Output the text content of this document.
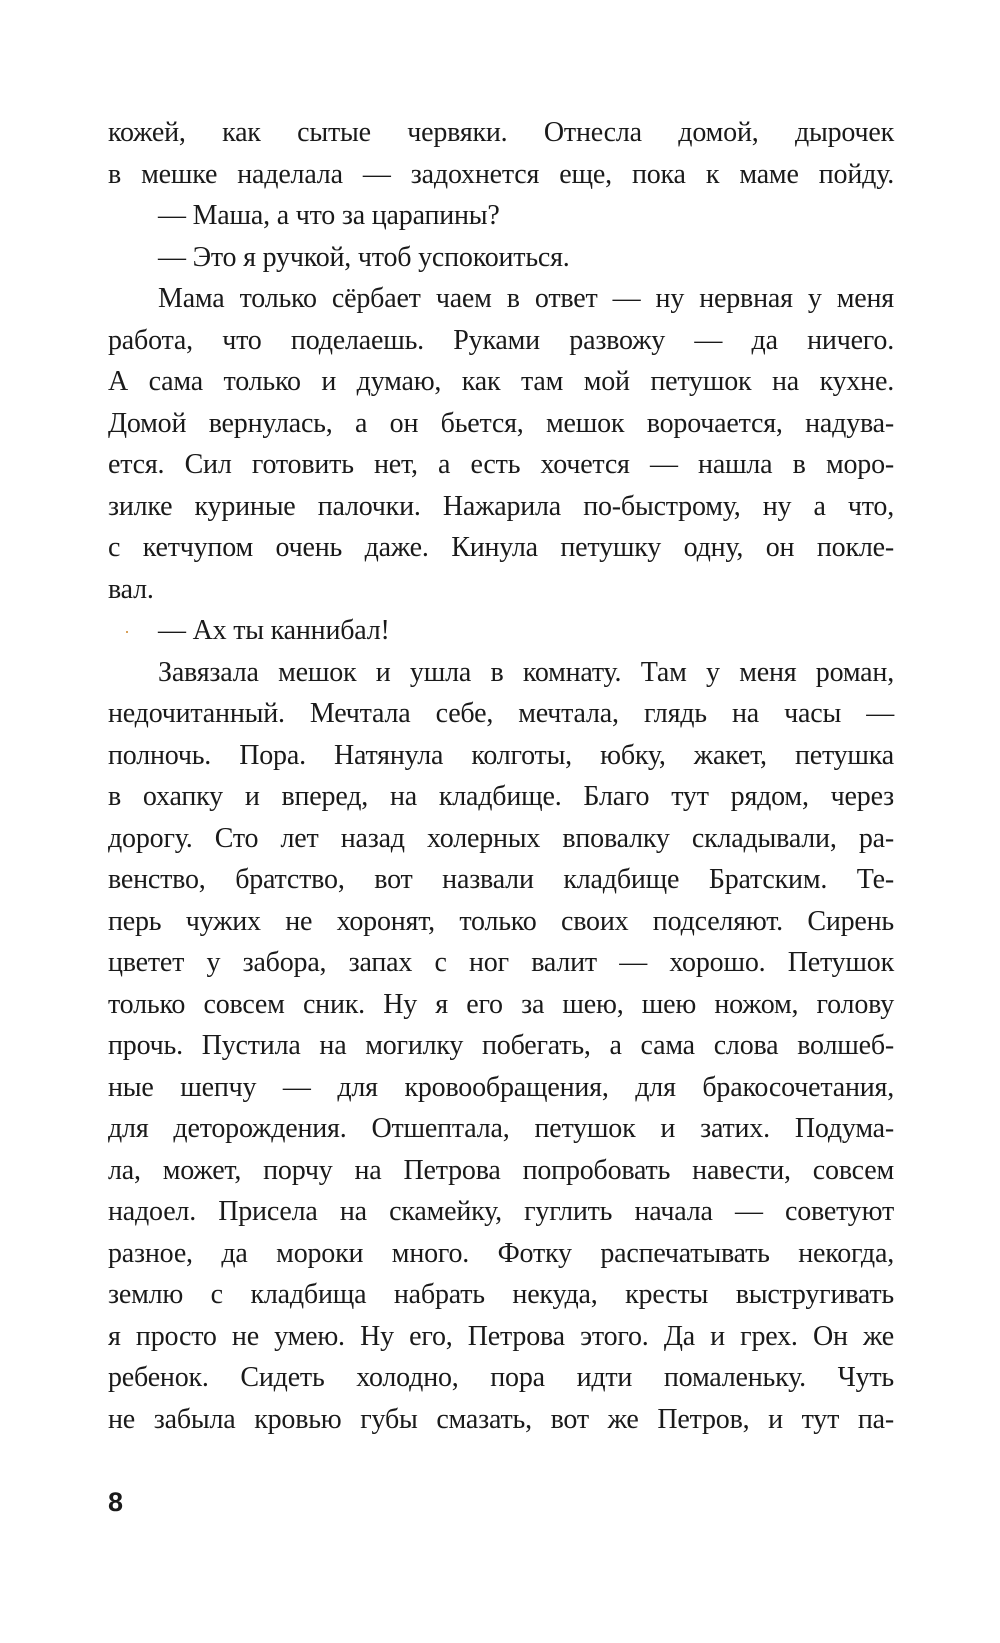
кожей, как сытые червяки. Отнесла домой, дырочек
в мешке наделала — задохнется еще, пока к маме пойду.
— Маша, а что за царапины?
— Это я ручкой, чтоб успокоиться.
Мама только сёрбает чаем в ответ — ну нервная у меня
работа, что поделаешь. Руками развожу — да ничего.
А сама только и думаю, как там мой петушок на кухне.
Домой вернулась, а он бьется, мешок ворочается, надува-
ется. Сил готовить нет, а есть хочется — нашла в моро-
зилке куриные палочки. Нажарила по-быстрому, ну а что,
с кетчупом очень даже. Кинула петушку одну, он поклe-
вал.
— Ах ты каннибал!
Завязала мешок и ушла в комнату. Там у меня роман,
недочитанный. Мечтала себе, мечтала, глядь на часы —
полночь. Пора. Натянула колготы, юбку, жакет, петушка
в охапку и вперед, на кладбище. Благо тут рядом, через
дорогу. Сто лет назад холерных вповалку складывали, ра-
венство, братство, вот назвали кладбище Братским. Те-
перь чужих не хоронят, только своих подселяют. Сирень
цветет у забора, запах с ног валит — хорошо. Петушок
только совсем сник. Ну я его за шею, шею ножом, голову
прочь. Пустила на могилку побегать, а сама слова волшеб-
ные шепчу — для кровообращения, для бракосочетания,
для деторождения. Отшептала, петушок и затих. Подума-
ла, может, порчу на Петрова попробовать навести, совсем
надоел. Присела на скамейку, гуглить начала — советуют
разное, да мороки много. Фотку распечатывать некогда,
землю с кладбища набрать некуда, кресты выстругивать
я просто не умею. Ну его, Петрова этого. Да и грех. Он же
ребенок. Сидеть холодно, пора идти помаленьку. Чуть
не забыла кровью губы смазать, вот же Петров, и тут па-
8
